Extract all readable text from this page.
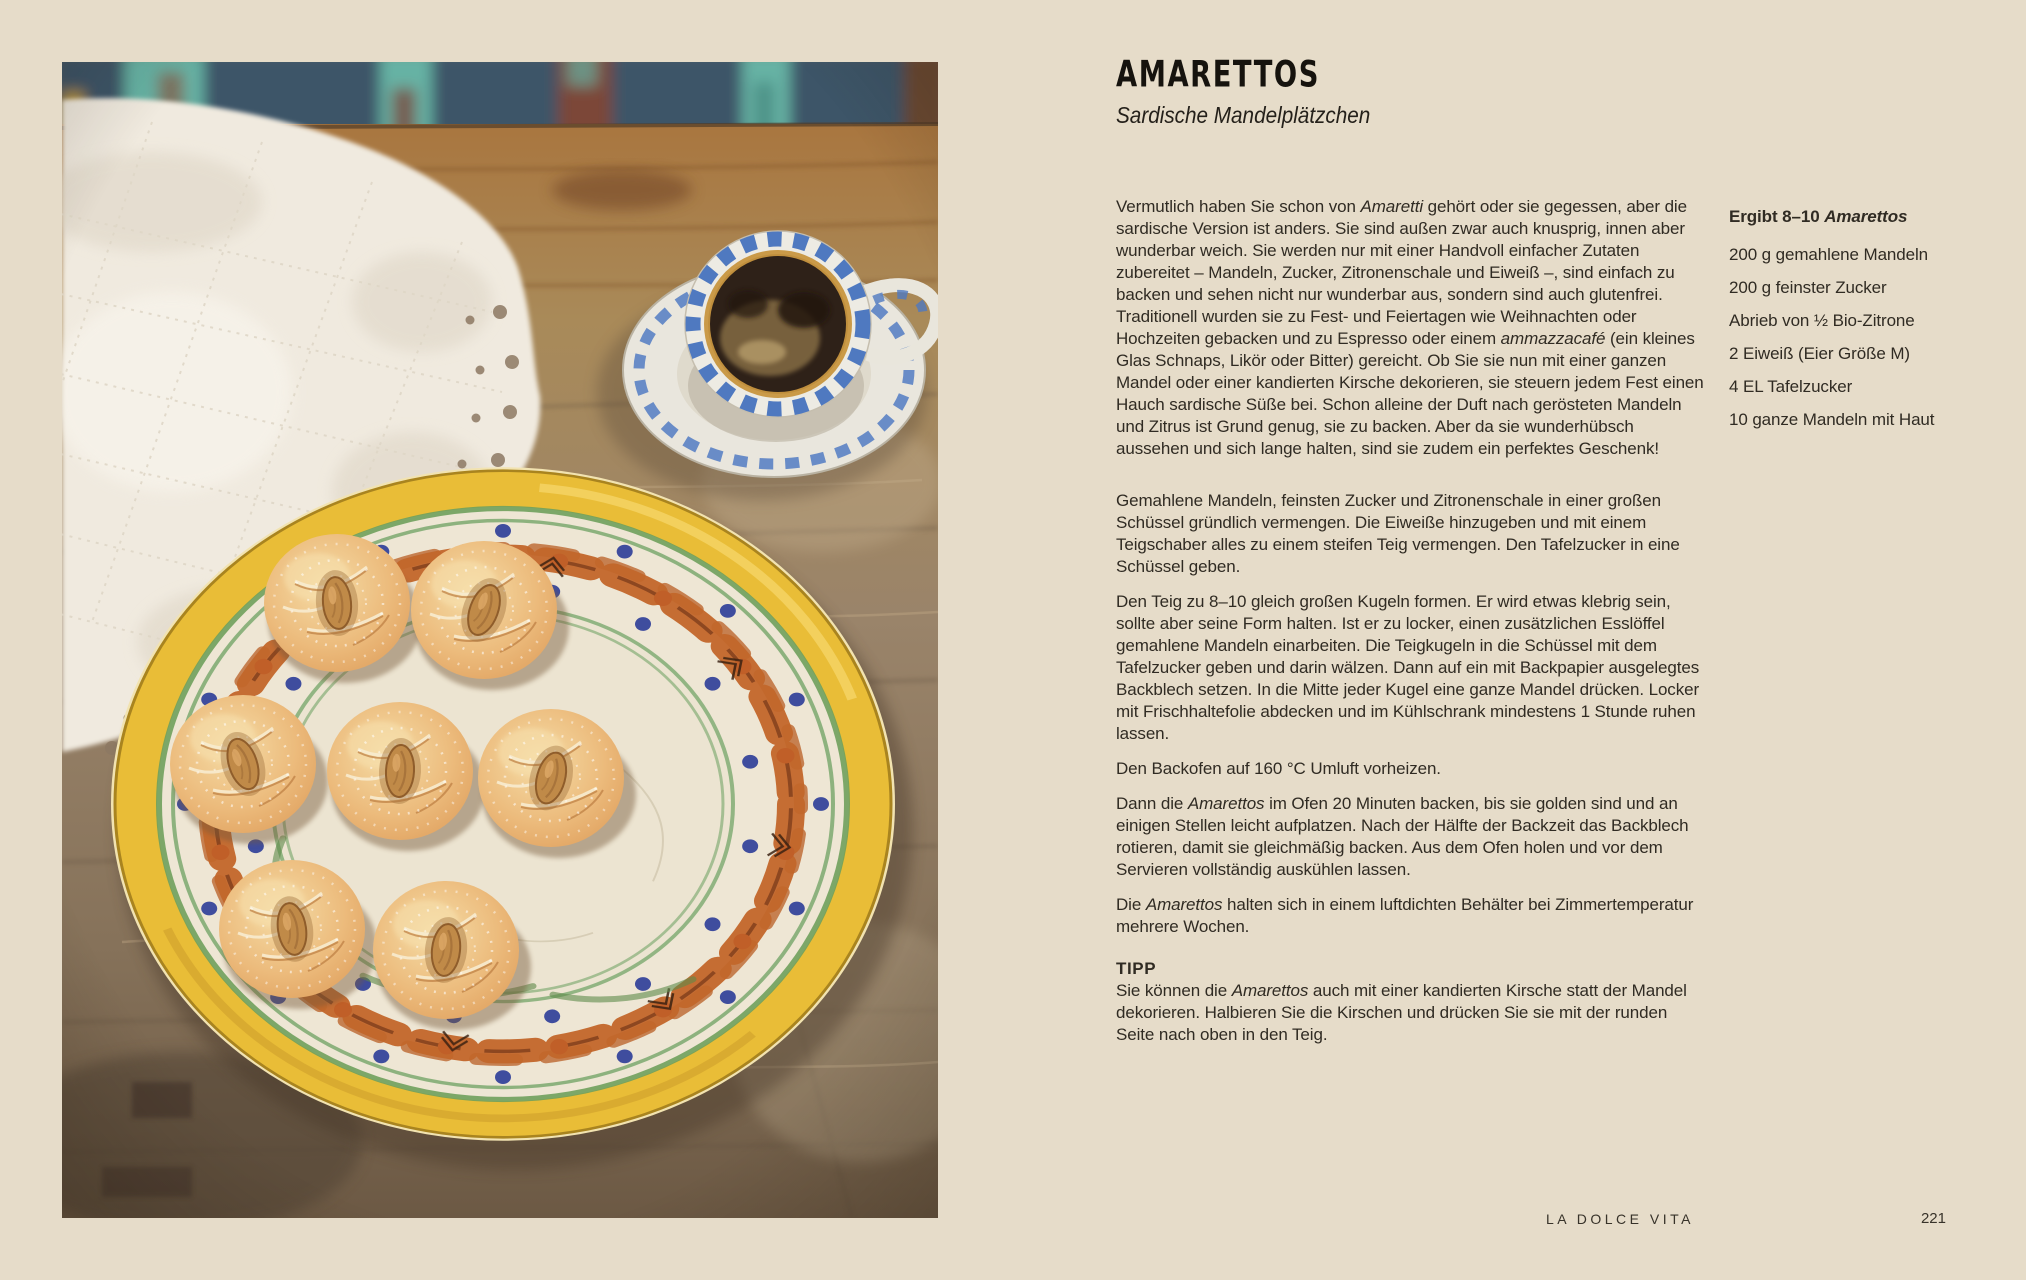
AMARETTOS
Sardische Mandelplätzchen

Vermutlich haben Sie schon von Amaretti gehört oder sie gegessen, aber die sardische Version ist anders. Sie sind außen zwar auch knusprig, innen aber wunderbar weich. Sie werden nur mit einer Handvoll einfacher Zutaten zubereitet – Mandeln, Zucker, Zitronenschale und Eiweiß –, sind einfach zu backen und sehen nicht nur wunderbar aus, sondern sind auch glutenfrei. Traditionell wurden sie zu Fest- und Feiertagen wie Weihnachten oder Hochzeiten gebacken und zu Espresso oder einem ammazzacafé (ein kleines Glas Schnaps, Likör oder Bitter) gereicht. Ob Sie sie nun mit einer ganzen Mandel oder einer kandierten Kirsche dekorieren, sie steuern jedem Fest einen Hauch sardische Süße bei. Schon alleine der Duft nach gerösteten Mandeln und Zitrus ist Grund genug, sie zu backen. Aber da sie wunderhübsch aussehen und sich lange halten, sind sie zudem ein perfektes Geschenk!

Gemahlene Mandeln, feinsten Zucker und Zitronenschale in einer großen Schüssel gründlich vermengen. Die Eiweiße hinzugeben und mit einem Teigschaber alles zu einem steifen Teig vermengen. Den Tafelzucker in eine Schüssel geben.

Den Teig zu 8–10 gleich großen Kugeln formen. Er wird etwas klebrig sein, sollte aber seine Form halten. Ist er zu locker, einen zusätzlichen Esslöffel gemahlene Mandeln einarbeiten. Die Teigkugeln in die Schüssel mit dem Tafelzucker geben und darin wälzen. Dann auf ein mit Backpapier ausgelegtes Backblech setzen. In die Mitte jeder Kugel eine ganze Mandel drücken. Locker mit Frischhaltefolie abdecken und im Kühlschrank mindestens 1 Stunde ruhen lassen.

Den Backofen auf 160 °C Umluft vorheizen.

Dann die Amarettos im Ofen 20 Minuten backen, bis sie golden sind und an einigen Stellen leicht aufplatzen. Nach der Hälfte der Backzeit das Backblech rotieren, damit sie gleichmäßig backen. Aus dem Ofen holen und vor dem Servieren vollständig auskühlen lassen.

Die Amarettos halten sich in einem luftdichten Behälter bei Zimmertemperatur mehrere Wochen.

TIPP

Sie können die Amarettos auch mit einer kandierten Kirsche statt der Mandel dekorieren. Halbieren Sie die Kirschen und drücken Sie sie mit der runden Seite nach oben in den Teig.

Ergibt 8–10 Amarettos

200 g gemahlene Mandeln
200 g feinster Zucker
Abrieb von ½ Bio-Zitrone
2 Eiweiß (Eier Größe M)
4 EL Tafelzucker
10 ganze Mandeln mit Haut
LA DOLCE VITA	221
